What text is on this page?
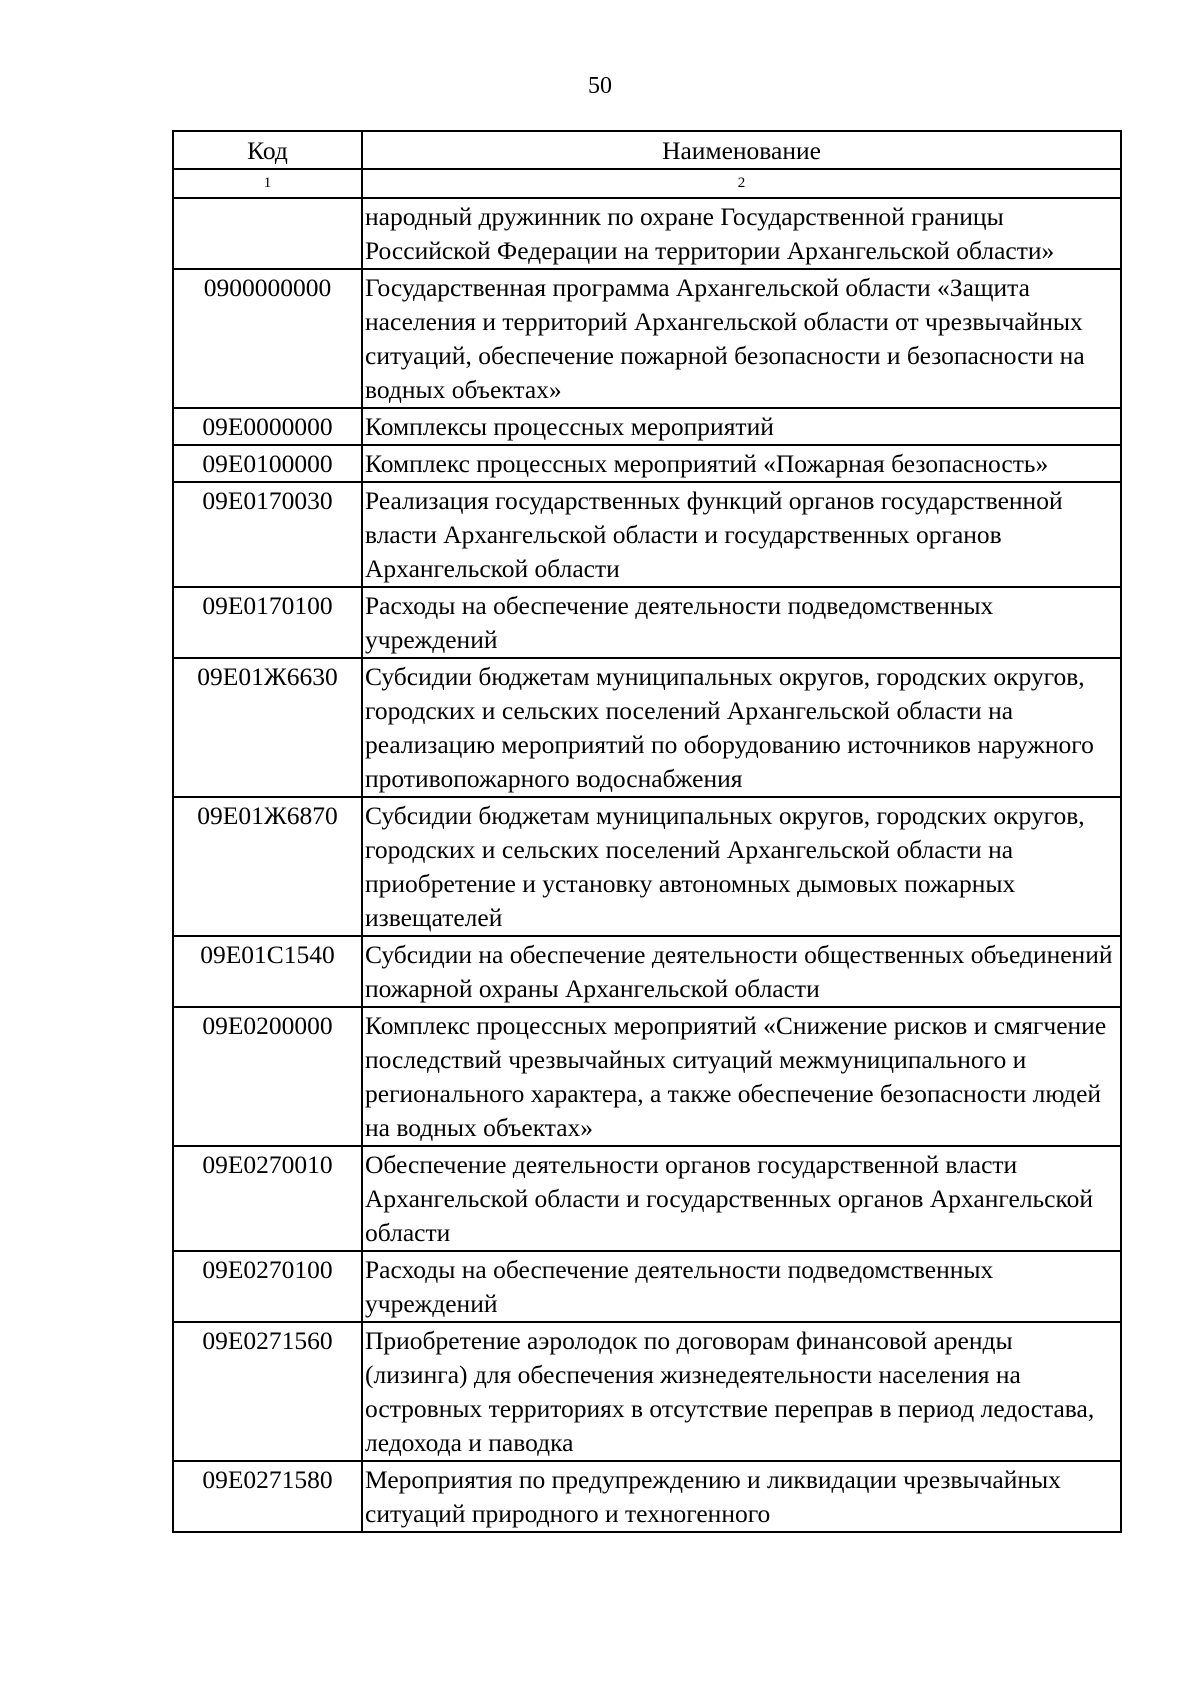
50
Код	Наименование
1	2
	народный дружинник по охране Государственной границы Российской Федерации на территории Архангельской области»
0900000000	Государственная программа Архангельской области «Защита населения и территорий Архангельской области от чрезвычайных ситуаций, обеспечение пожарной безопасности и безопасности на водных объектах»
09Е0000000	Комплексы процессных мероприятий
09Е0100000	Комплекс процессных мероприятий «Пожарная безопасность»
09Е0170030	Реализация государственных функций органов государственной власти Архангельской области и государственных органов Архангельской области
09Е0170100	Расходы на обеспечение деятельности подведомственных учреждений
09Е01Ж6630	Субсидии бюджетам муниципальных округов, городских округов, городских и сельских поселений Архангельской области на реализацию мероприятий по оборудованию источников наружного противопожарного водоснабжения
09Е01Ж6870	Субсидии бюджетам муниципальных округов, городских округов, городских и сельских поселений Архангельской области на приобретение и установку автономных дымовых пожарных извещателей
09Е01С1540	Субсидии на обеспечение деятельности общественных объединений пожарной охраны Архангельской области
09Е0200000	Комплекс процессных мероприятий «Снижение рисков и смягчение последствий чрезвычайных ситуаций межмуниципального и регионального характера, а также обеспечение безопасности людей на водных объектах»
09Е0270010	Обеспечение деятельности органов государственной власти Архангельской области и государственных органов Архангельской области
09Е0270100	Расходы на обеспечение деятельности подведомственных учреждений
09Е0271560	Приобретение аэролодок по договорам финансовой аренды (лизинга) для обеспечения жизнедеятельности населения на островных территориях в отсутствие переправ в период ледостава, ледохода и паводка
09Е0271580	Мероприятия по предупреждению и ликвидации чрезвычайных ситуаций природного и техногенного
